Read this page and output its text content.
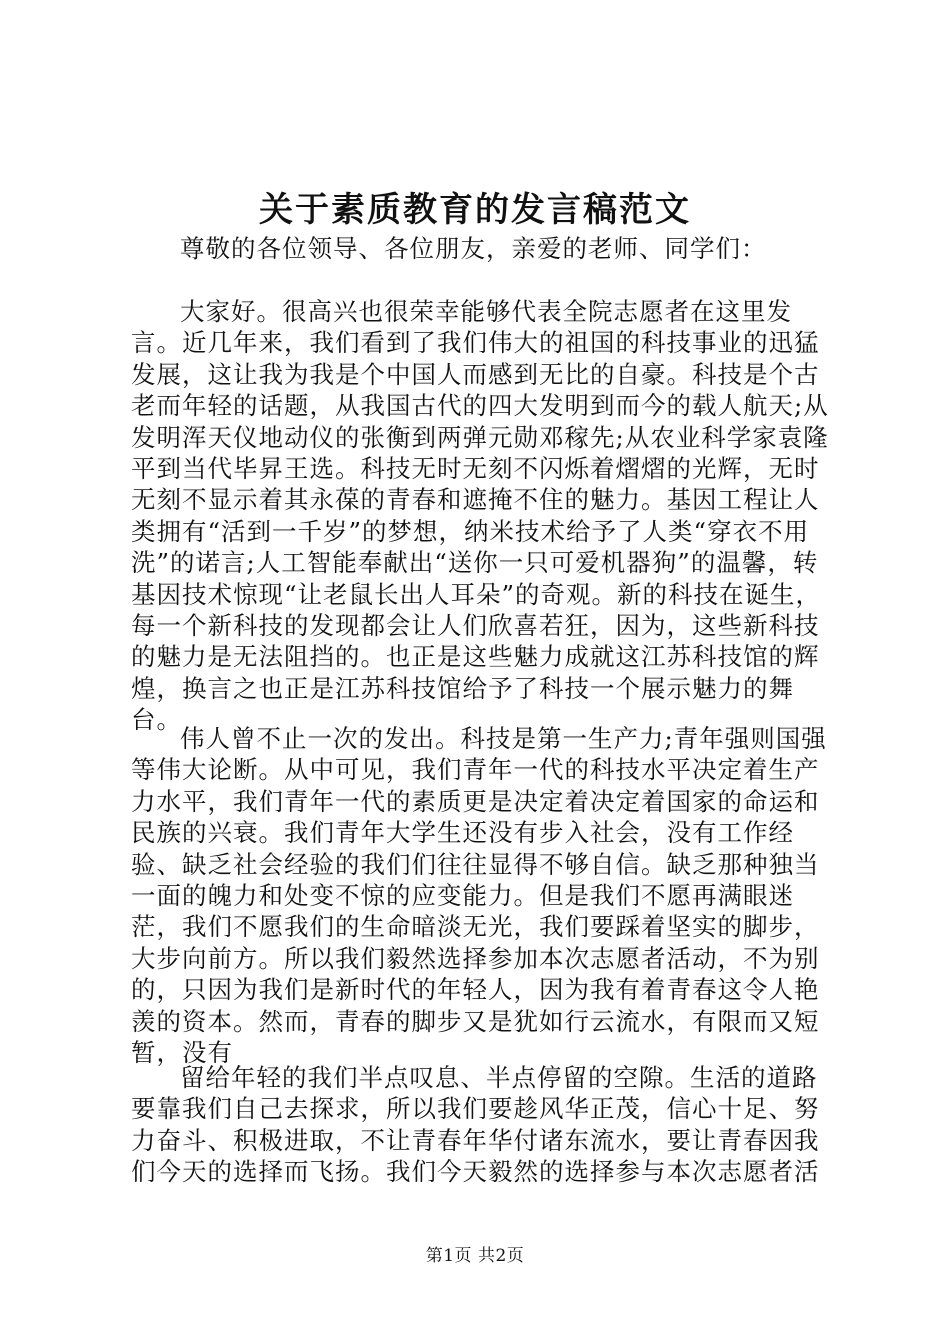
关于素质教育的发言稿范文

尊敬的各位领导、各位朋友，亲爱的老师、同学们：

大家好。很高兴也很荣幸能够代表全院志愿者在这里发言。近几年来，我们看到了我们伟大的祖国的科技事业的迅猛发展，这让我为我是个中国人而感到无比的自豪。科技是个古老而年轻的话题，从我国古代的四大发明到而今的载人航天;从发明浑天仪地动仪的张衡到两弹元勋邓稼先;从农业科学家袁隆平到当代毕昇王选。科技无时无刻不闪烁着熠熠的光辉，无时无刻不显示着其永葆的青春和遮掩不住的魅力。基因工程让人类拥有“活到一千岁”的梦想，纳米技术给予了人类“穿衣不用洗”的诺言;人工智能奉献出“送你一只可爱机器狗”的温馨，转基因技术惊现“让老鼠长出人耳朵”的奇观。新的科技在诞生，每一个新科技的发现都会让人们欣喜若狂，因为，这些新科技的魅力是无法阻挡的。也正是这些魅力成就这江苏科技馆的辉煌，换言之也正是江苏科技馆给予了科技一个展示魅力的舞台。

伟人曾不止一次的发出。科技是第一生产力;青年强则国强等伟大论断。从中可见，我们青年一代的科技水平决定着生产力水平，我们青年一代的素质更是决定着决定着国家的命运和民族的兴衰。我们青年大学生还没有步入社会，没有工作经验、缺乏社会经验的我们们往往显得不够自信。缺乏那种独当一面的魄力和处变不惊的应变能力。但是我们不愿再满眼迷茫，我们不愿我们的生命暗淡无光，我们要踩着坚实的脚步，大步向前方。所以我们毅然选择参加本次志愿者活动，不为别的，只因为我们是新时代的年轻人，因为我有着青春这令人艳羡的资本。然而，青春的脚步又是犹如行云流水，有限而又短暂，没有

留给年轻的我们半点叹息、半点停留的空隙。生活的道路要靠我们自己去探求，所以我们要趁风华正茂，信心十足、努力奋斗、积极进取，不让青春年华付诸东流水，要让青春因我们今天的选择而飞扬。我们今天毅然的选择参与本次志愿者活

第1页 共2页
